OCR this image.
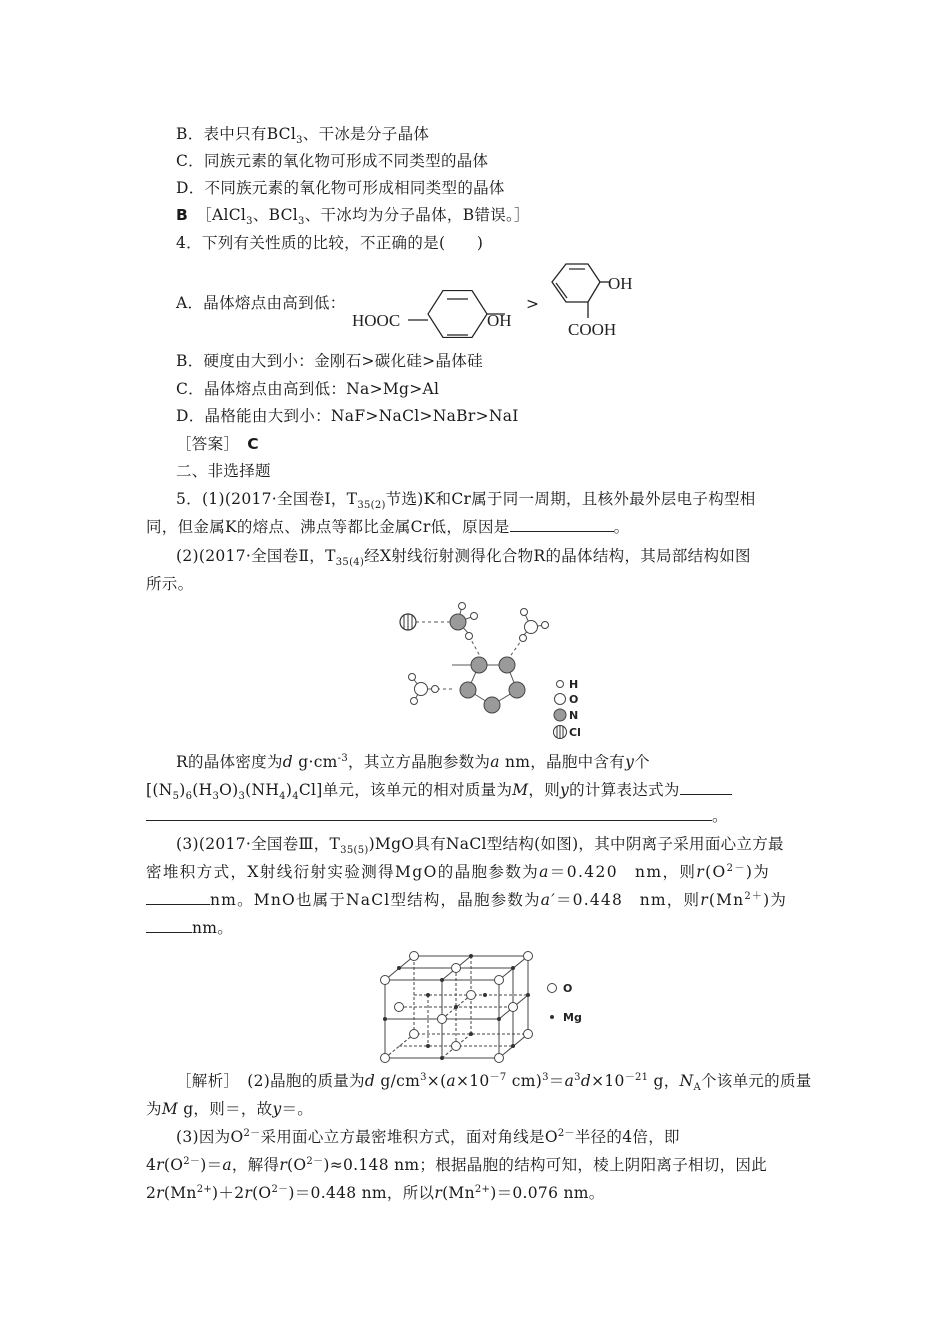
B．表中只有BCl$_3$、干冰是分子晶体
C．同族元素的氧化物可形成不同类型的晶体
D．不同族元素的氧化物可形成相同类型的晶体
B　 ［AlCl$_3$、BCl$_3$、干冰均为分子晶体，B错误。］
4．下列有关性质的比较，不正确的是(　　)
A．晶体熔点由高到低：
HOOC	OH
>
OH
COOH
B．硬度由大到小：金刚石>碳化硅>晶体硅
C．晶体熔点由高到低：Na>Mg>Al
D．晶格能由大到小：NaF>NaCl>NaBr>NaI
［答案］　 C
二、非选择题
5．(1)(2017·全国卷Ⅰ，$T_{35(2)}$节选)K和Cr属于同一周期，且核外最外层电子构型相
同，但金属K的熔点、沸点等都比金属Cr低，原因是	。
(2)(2017·全国卷Ⅱ，$T_{35(4)}$经X射线衍射测得化合物R的晶体结构，其局部结构如图
所示。
H
O
N
Cl
R的晶体密度为d $g\cdot cm^{-3}$，其立方晶胞参数为a nm，晶胞中含有y个
$[(N_5)_6(H_3O)_3(NH_4)_4Cl]$单元，该单元的相对质量为M，则y的计算表达式为
。
(3)(2017·全国卷Ⅲ，$T_{35(5)})MgO$具有NaCl型结构(如图)，其中阴离子采用面心立方最
密堆积方式，X射线衍射实验测得MgO的晶胞参数为a＝0.420　nm，则$r(O^{2-})$为
nm。MnO也属于NaCl型结构，晶胞参数为a′＝0.448　nm，则$r(Mn^{2+})$为
nm。
O
Mg
［解析］　(2)晶胞的质量为d $g/cm^3\times(a\times 10^{-7}$ $cm)^3=a^3d\times 10^{-21}$ g，$N_A$个该单元的质量
为M g，则＝，故y＝。
(3)因为$O^{2-}$采用面心立方最密堆积方式，面对角线是$O^{2-}$半径的4倍，即
$4r(O^{2-})=a$，解得$r(O^{2-})\approx 0.148$ nm；根据晶胞的结构可知，棱上阴阳离子相切，因此
$2r(Mn^{2+})+2r(O^{2-})=0.448$ nm，所以$r(Mn^{2+})=0.076$ nm。
